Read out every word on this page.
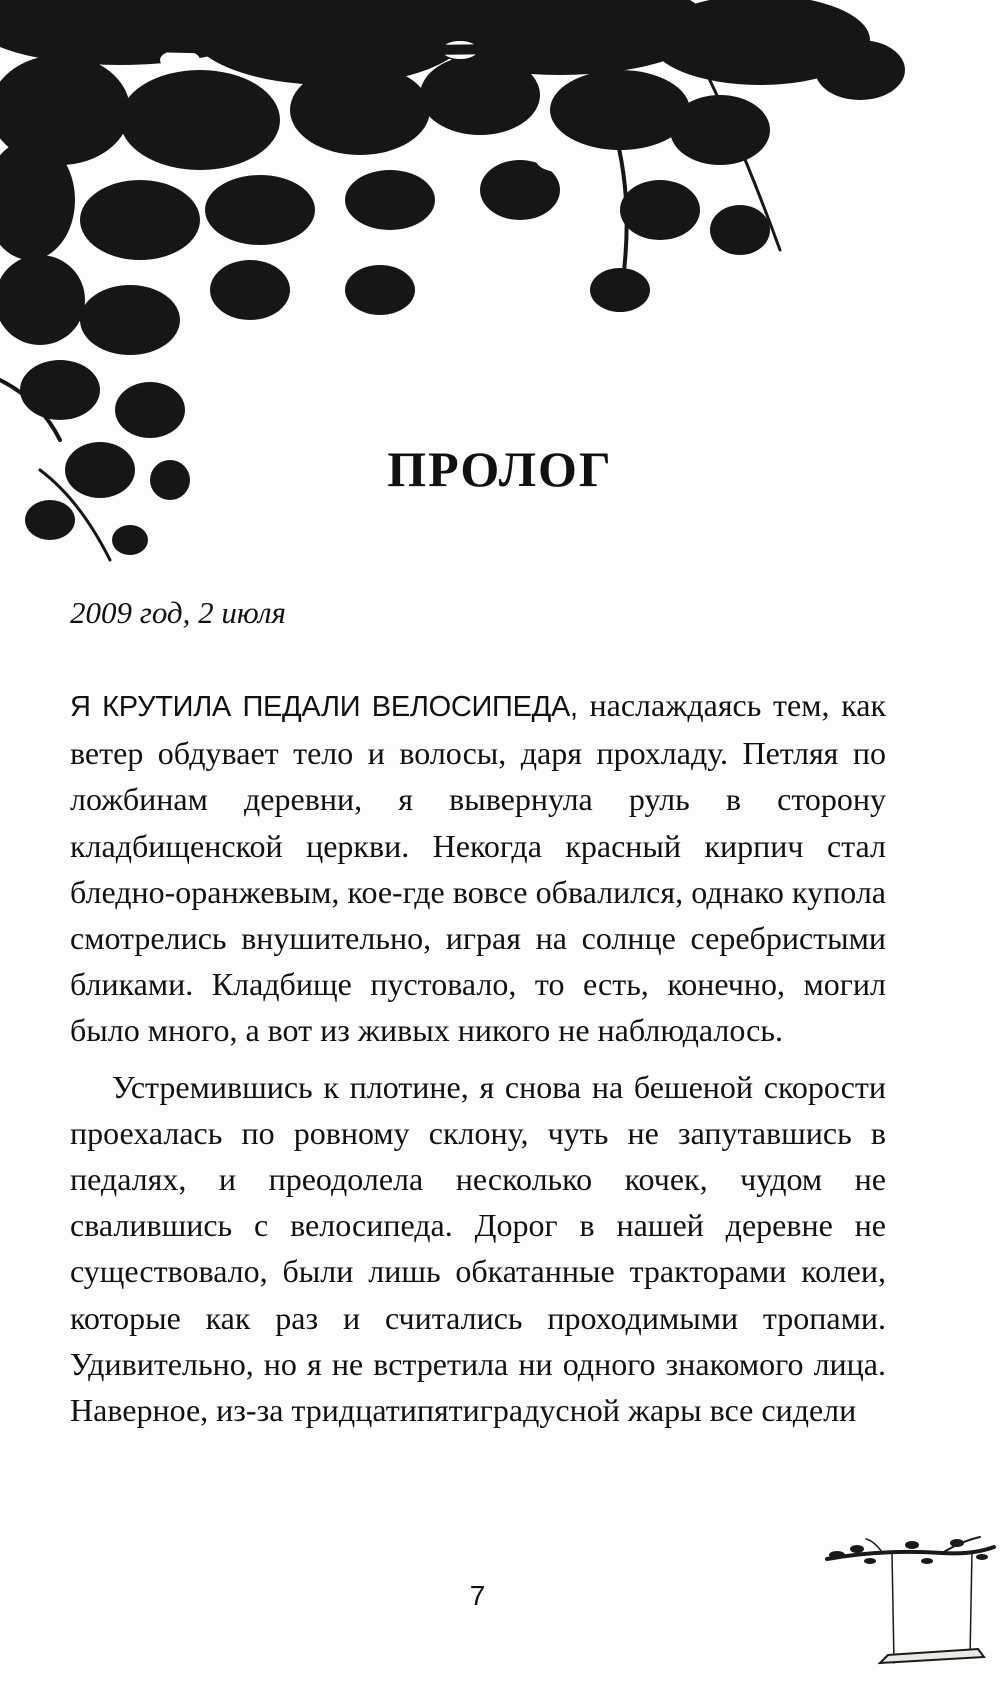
ПРОЛОГ

2009 год, 2 июля

Я КРУТИЛА ПЕДАЛИ ВЕЛОСИПЕДА, наслаждаясь тем, как ветер обдувает тело и волосы, даря прохладу. Петляя по ложбинам деревни, я вывернула руль в сторону кладбищенской церкви. Некогда красный кирпич стал бледно-оранжевым, кое-где вовсе обвалился, однако купола смотрелись внушительно, играя на солнце серебристыми бликами. Кладбище пустовало, то есть, конечно, могил было много, а вот из живых никого не наблюдалось.

Устремившись к плотине, я снова на бешеной скорости проехалась по ровному склону, чуть не запутавшись в педалях, и преодолела несколько кочек, чудом не свалившись с велосипеда. Дорог в нашей деревне не существовало, были лишь обкатанные тракторами колеи, которые как раз и считались проходимыми тропами. Удивительно, но я не встретила ни одного знакомого лица. Наверное, из-за тридцатипятиградусной жары все сидели

7
